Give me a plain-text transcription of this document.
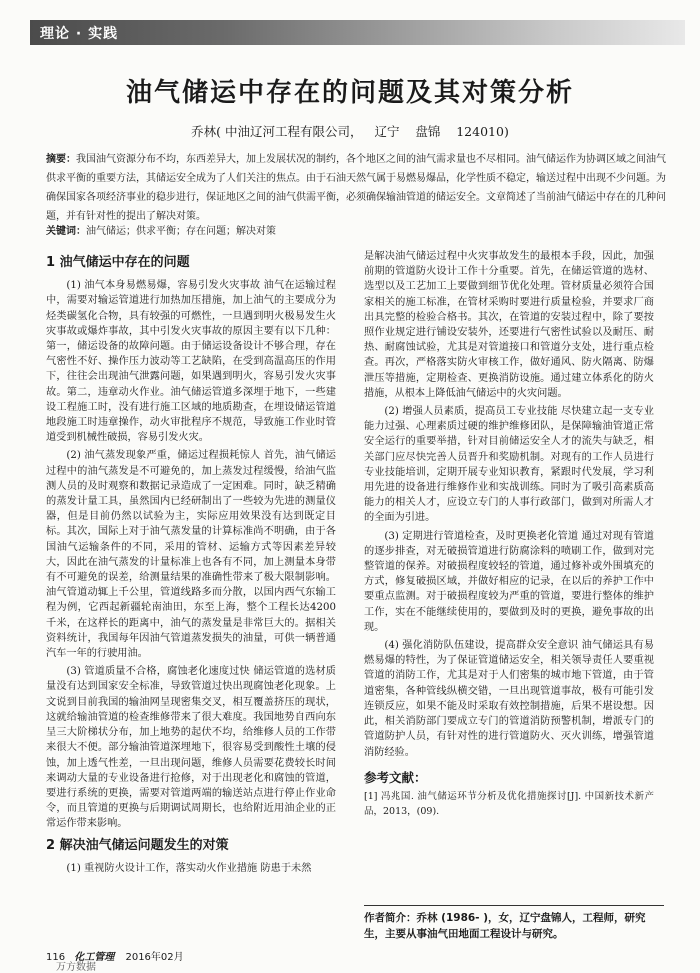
理论 · 实践
油气储运中存在的问题及其对策分析
乔林( 中油辽河工程有限公司，   辽宁    盘锦    124010)
摘要：我国油气资源分布不均，东西差异大，加上发展状况的制约，各个地区之间的油气需求量也不尽相同。油气储运作为协调区域之间油气供求平衡的重要方法，其储运安全成为了人们关注的焦点。由于石油天然气属于易燃易爆品，化学性质不稳定，输送过程中出现不少问题。为确保国家各项经济事业的稳步进行，保证地区之间的油气供需平衡，必须确保输油管道的储运安全。文章简述了当前油气储运中存在的几种问题，并有针对性的提出了解决对策。
关键词：油气储运；供求平衡；存在问题；解决对策
1 油气储运中存在的问题

(1) 油气本身易燃易爆，容易引发火灾事故 油气在运输过程中，需要对输运管道进行加热加压措施，加上油气的主要成分为烃类碳氢化合物，具有较强的可燃性，一旦遇到明火极易发生火灾事故或爆炸事故，其中引发火灾事故的原因主要有以下几种：第一，储运设备的故障问题。由于储运设备设计不够合理，存在气密性不好、操作压力波动等工艺缺陷，在受到高温高压的作用下，往往会出现油气泄露问题，如果遇到明火，容易引发火灾事故。第二，违章动火作业。油气储运管道多深埋于地下，一些建设工程施工时，没有进行施工区域的地质勘查，在埋设储运管道地段施工时违章操作，动火审批程序不规范，导致施工作业时管道受到机械性破损，容易引发火灾。

(2) 油气蒸发现象严重，储运过程损耗惊人 首先，油气储运过程中的油气蒸发是不可避免的，加上蒸发过程缓慢，给油气监测人员的及时观察和数据记录造成了一定困难。同时，缺乏精确的蒸发计量工具，虽然国内已经研制出了一些较为先进的测量仪器，但是目前仍然以试验为主，实际应用效果没有达到既定目标。其次，国际上对于油气蒸发量的计算标准尚不明确，由于各国油气运输条件的不同，采用的管材、运输方式等因素差异较大，因此在油气蒸发的计量标准上也各有不同，加上测量本身带有不可避免的误差，给测量结果的准确性带来了极大限制影响。油气管道动辄上千公里，管道线路多而分散，以国内西气东输工程为例，它西起新疆轮南油田，东至上海，整个工程长达4200千米，在这样长的距离中，油气的蒸发量是非常巨大的。据相关资料统计，我国每年因油气管道蒸发损失的油量，可供一辆普通汽车一年的行驶用油。

(3) 管道质量不合格，腐蚀老化速度过快 储运管道的选材质量没有达到国家安全标准，导致管道过快出现腐蚀老化现象。上文说到目前我国的输油网呈现密集交叉，相互覆盖挤压的现状，这就给输油管道的检查维修带来了很大难度。我国地势自西向东呈三大阶梯状分布，加上地势的起伏不均，给维修人员的工作带来很大不便。部分输油管道深埋地下，很容易受到酸性土壤的侵蚀，加上透气性差，一旦出现问题，维修人员需要花费较长时间来调动大量的专业设备进行抢修，对于出现老化和腐蚀的管道，要进行系统的更换，需要对管道两端的输送站点进行停止作业命令，而且管道的更换与后期调试周期长，也给附近用油企业的正常运作带来影响。

2 解决油气储运问题发生的对策

(1) 重视防火设计工作，落实动火作业措施 防患于未然

是解决油气储运过程中火灾事故发生的最根本手段，因此，加强前期的管道防火设计工作十分重要。首先，在储运管道的选材、选型以及工艺加工上要做到细节优化处理。管材质量必须符合国家相关的施工标准，在管材采购时要进行质量检验，并要求厂商出具完整的检验合格书。其次，在管道的安装过程中，除了要按照作业规定进行铺设安装外，还要进行气密性试验以及耐压、耐热、耐腐蚀试验，尤其是对管道接口和管道分支处，进行重点检查。再次，严格落实防火审核工作，做好通风、防火隔离、防爆泄压等措施，定期检查、更换消防设施。通过建立体系化的防火措施，从根本上降低油气储运中的火灾问题。

(2) 增强人员素质，提高员工专业技能 尽快建立起一支专业能力过强、心理素质过硬的维护维修团队，是保障输油管道正常安全运行的重要举措，针对目前储运安全人才的流失与缺乏，相关部门应尽快完善人员晋升和奖励机制。对现有的工作人员进行专业技能培训，定期开展专业知识教育，紧跟时代发展，学习利用先进的设备进行维修作业和实战训练。同时为了吸引高素质高能力的相关人才，应设立专门的人事行政部门，做到对所需人才的全面为引进。

(3) 定期进行管道检查，及时更换老化管道 通过对现有管道的逐步排查，对无破损管道进行防腐涂料的喷刷工作，做到对完整管道的保养。对破损程度较轻的管道，通过修补或外围填充的方式，修复破损区域，并做好相应的记录，在以后的养护工作中要重点监测。对于破损程度较为严重的管道，要进行整体的维护工作，实在不能继续使用的，要做到及时的更换，避免事故的出现。

(4) 强化消防队伍建设，提高群众安全意识 油气储运具有易燃易爆的特性，为了保证管道储运安全，相关领导责任人要重视管道的消防工作，尤其是对于人们密集的城市地下管道，由于管道密集，各种管线纵横交错，一旦出现管道事故，极有可能引发连锁反应，如果不能及时采取有效控制措施，后果不堪设想。因此，相关消防部门要成立专门的管道消防预警机制，增派专门的管道防护人员，有针对性的进行管道防火、灭火训练，增强管道消防经验。

参考文献：

[1] 冯兆国. 油气储运环节分析及优化措施探讨[J]. 中国新技术新产品，2013，(09).

作者简介：乔林 (1986- )，女，辽宁盘锦人，工程师，研究生，主要从事油气田地面工程设计与研究。
116 化工管理 2016年02月
万方数据
